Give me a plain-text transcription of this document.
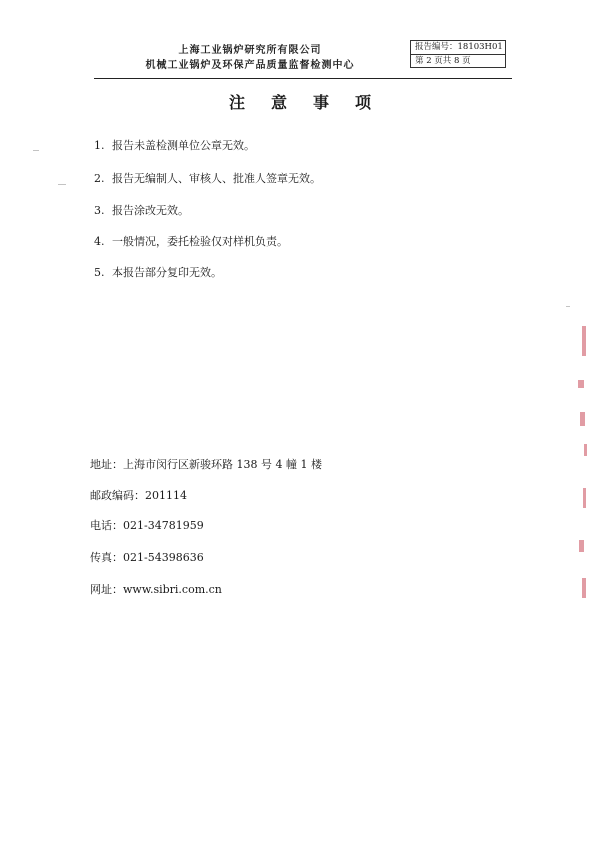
上海工业锅炉研究所有限公司
机械工业锅炉及环保产品质量监督检测中心
报告编号：18103H01
第 2 页共 8 页
注意事项
1. 报告未盖检测单位公章无效。
2. 报告无编制人、审核人、批准人签章无效。
3. 报告涂改无效。
4. 一般情况，委托检验仅对样机负责。
5. 本报告部分复印无效。
地址：上海市闵行区新骏环路 138 号 4 幢 1 楼
邮政编码：201114
电话：021-34781959
传真：021-54398636
网址：www.sibri.com.cn
